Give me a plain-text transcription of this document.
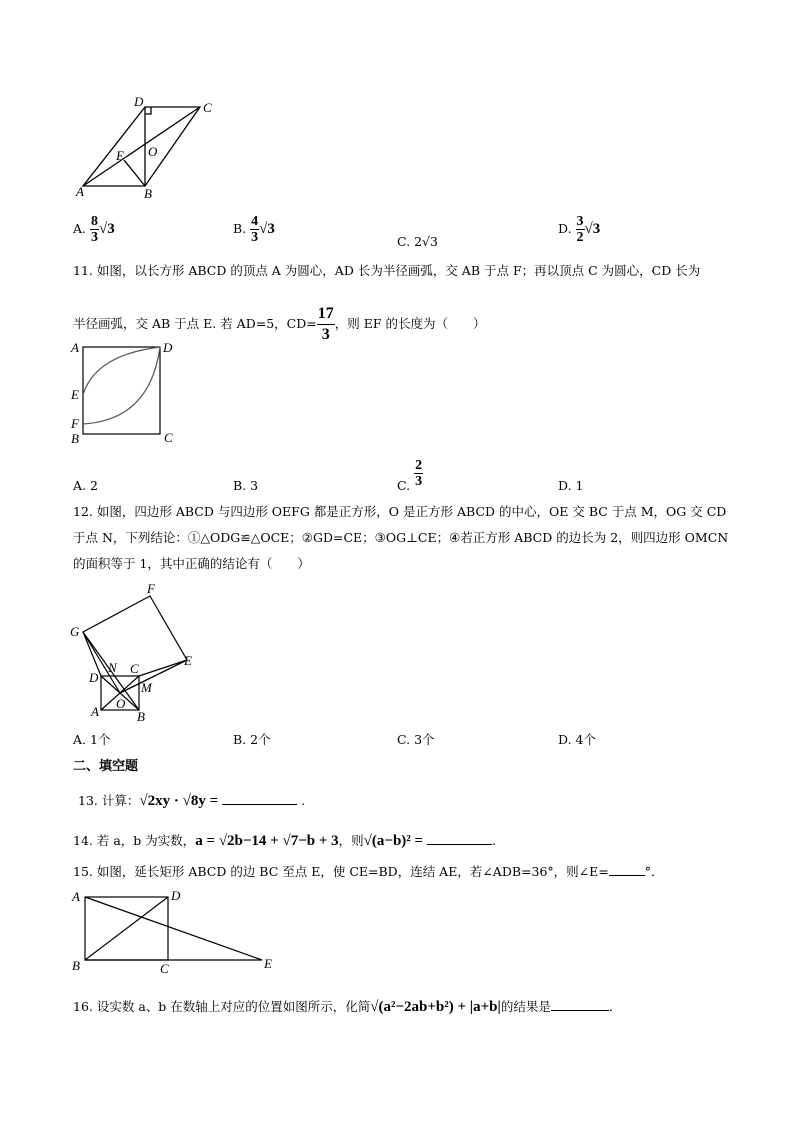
D	C
E O
A	B
A. $\frac{8}{3} √3$	B. $\frac{4}{3} √3$
C. 2√3
D. $\frac{3}{2} √3$
11. 如图，以长方形 ABCD 的顶点 A 为圆心，AD 长为半径画弧，交 AB 于点 F；再以顶点 C 为圆心，CD 长为
半径画弧，交 AB 于点 E. 若 AD=5，$CD= \frac{17}{3}$ ，则 EF 的长度为（　　）
A	D
E
F
B	C
A. 2	B. 3	C. $\frac{2}{3}$	D. 1
12. 如图，四边形 ABCD 与四边形 OEFG 都是正方形，O 是正方形 ABCD 的中心，OE 交 BC 于点 M，OG 交 CD
于点 N，下列结论：①△ODG≌△OCE；②GD=CE；③OG⊥CE；④若正方形 ABCD 的边长为 2，则四边形 OMCN
的面积等于 1，其中正确的结论有（　　）
F
G
E
N C
D
M
O
A	B
A. 1个	B. 2个	C. 3个	D. 4个
二、填空题
13. 计算：√2xy · √8y =	.
14. 若 a，b 为实数，a = √2b−14 + √7−b + 3，则√(a−b)² =	.
15. 如图，延长矩形 ABCD 的边 BC 至点 E，使 CE=BD，连结 AE，若∠ADB=36°，则∠E=	°．
A	D
B	C	E
16. 设实数 a、b 在数轴上对应的位置如图所示，化简√(a²−2ab+b²) + |a+b|的结果是	.
